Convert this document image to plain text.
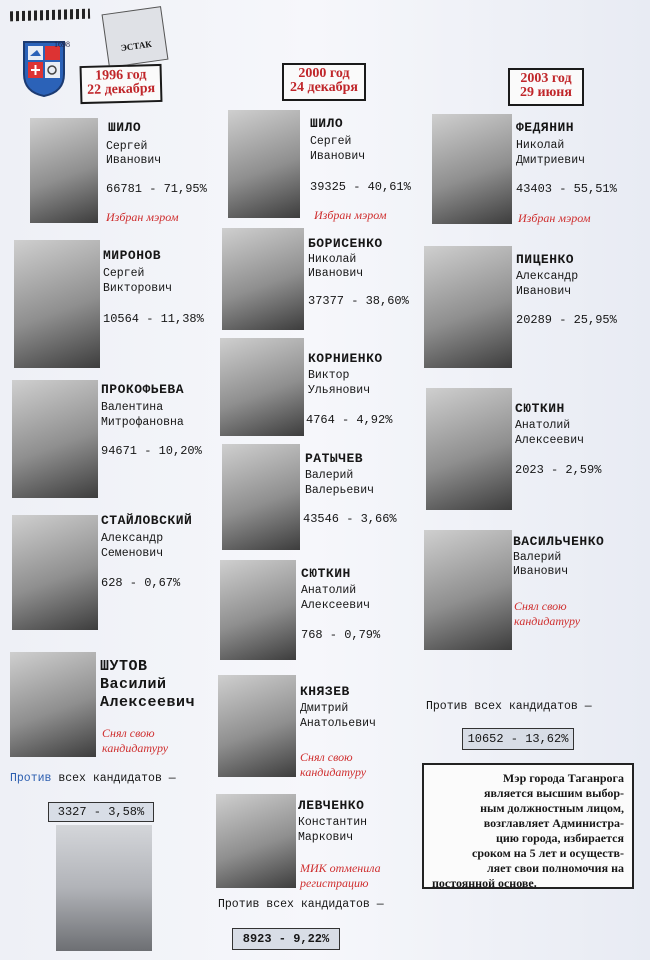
1698	ЭСТАК
1996 год
22 декабря
ШИЛО
Сергей
Иванович
66781 - 71,95%
Избран мэром
МИРОНОВ
Сергей
Викторович
10564 - 11,38%
ПРОКОФЬЕВА
Валентина
Митрофановна
94671 - 10,20%
СТАЙЛОВСКИЙ
Александр
Семенович
628 - 0,67%
ШУТОВ
Василий
Алексеевич
Снял свою
кандидатуру
Против всех кандидатов —
3327 - 3,58%
2000 год
24 декабря
ШИЛО
Сергей
Иванович
39325 - 40,61%
Избран мэром
БОРИСЕНКО
Николай
Иванович
37377 - 38,60%
КОРНИЕНКО
Виктор
Ульянович
4764 - 4,92%
РАТЫЧЕВ
Валерий
Валерьевич
43546 - 3,66%
СЮТКИН
Анатолий
Алексеевич
768 - 0,79%
КНЯЗЕВ
Дмитрий
Анатольевич
Снял свою
кандидатуру
ЛЕВЧЕНКО
Константин
Маркович
МИК отменила
регистрацию
Против всех кандидатов —
8923 - 9,22%
2003 год
29 июня
ФЕДЯНИН
Николай
Дмитриевич
43403 - 55,51%
Избран мэром
ПИЦЕНКО
Александр
Иванович
20289 - 25,95%
СЮТКИН
Анатолий
Алексеевич
2023 - 2,59%
ВАСИЛЬЧЕНКО
Валерий
Иванович
Снял свою
кандидатуру
Против всех кандидатов —
10652 - 13,62%
Мэр города Таганрога
является высшим выбор-
ным должностным лицом,
возглавляет Администра-
цию города, избирается
сроком на 5 лет и осуществ-
ляет свои полномочия на
постоянной основе.
